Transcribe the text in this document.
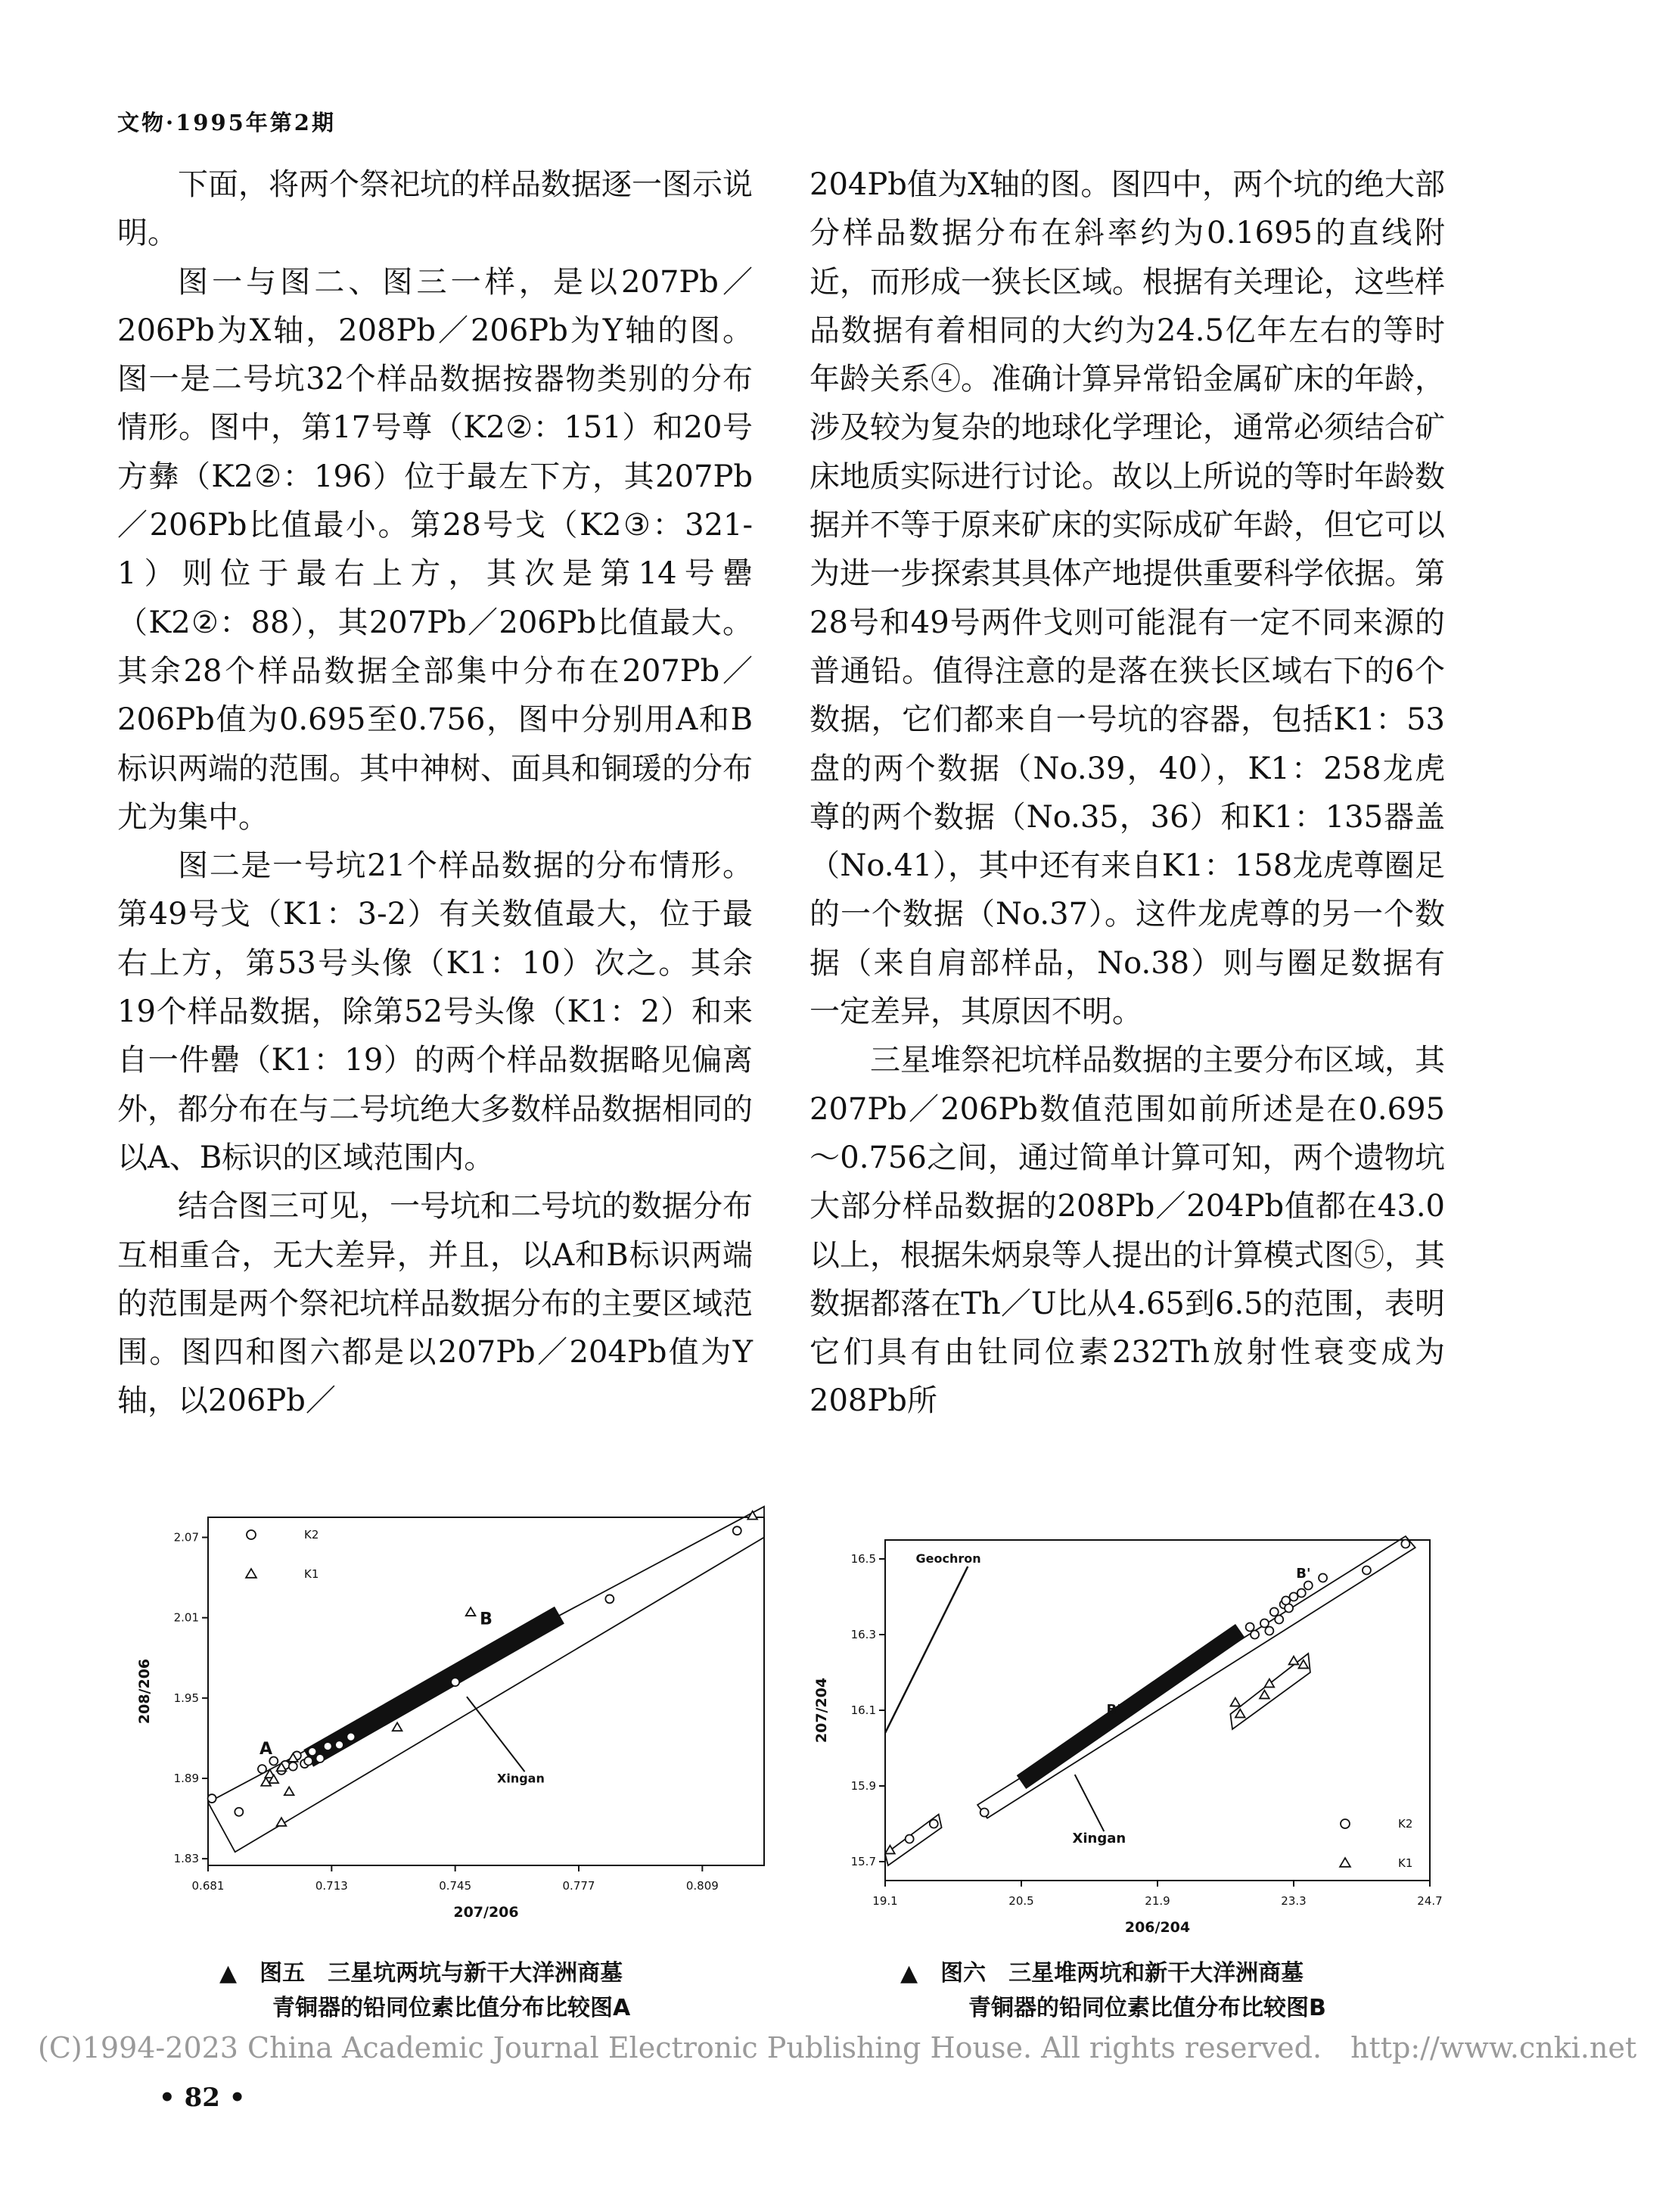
文物·1995年第2期

下面，将两个祭祀坑的样品数据逐一图示说明。

图一与图二、图三一样，是以207Pb／206Pb为X轴，208Pb／206Pb为Y轴的图。图一是二号坑32个样品数据按器物类别的分布情形。图中，第17号尊（K2②：151）和20号方彝（K2②：196）位于最左下方，其207Pb／206Pb比值最小。第28号戈（K2③：321-1）则位于最右上方，其次是第14号罍（K2②：88），其207Pb／206Pb比值最大。其余28个样品数据全部集中分布在207Pb／206Pb值为0.695至0.756，图中分别用A和B标识两端的范围。其中神树、面具和铜瑗的分布尤为集中。

图二是一号坑21个样品数据的分布情形。第49号戈（K1：3-2）有关数值最大，位于最右上方，第53号头像（K1：10）次之。其余19个样品数据，除第52号头像（K1：2）和来自一件罍（K1：19）的两个样品数据略见偏离外，都分布在与二号坑绝大多数样品数据相同的以A、B标识的区域范围内。

结合图三可见，一号坑和二号坑的数据分布互相重合，无大差异，并且，以A和B标识两端的范围是两个祭祀坑样品数据分布的主要区域范围。图四和图六都是以207Pb／204Pb值为Y轴，以206Pb／

204Pb值为X轴的图。图四中，两个坑的绝大部分样品数据分布在斜率约为0.1695的直线附近，而形成一狭长区域。根据有关理论，这些样品数据有着相同的大约为24.5亿年左右的等时年龄关系④。准确计算异常铅金属矿床的年龄，涉及较为复杂的地球化学理论，通常必须结合矿床地质实际进行讨论。故以上所说的等时年龄数据并不等于原来矿床的实际成矿年龄，但它可以为进一步探索其具体产地提供重要科学依据。第28号和49号两件戈则可能混有一定不同来源的普通铅。值得注意的是落在狭长区域右下的6个数据，它们都来自一号坑的容器，包括K1：53盘的两个数据（No.39，40），K1：258龙虎尊的两个数据（No.35，36）和K1：135器盖（No.41），其中还有来自K1：158龙虎尊圈足的一个数据（No.37）。这件龙虎尊的另一个数据（来自肩部样品，No.38）则与圈足数据有一定差异，其原因不明。

三星堆祭祀坑样品数据的主要分布区域，其207Pb／206Pb数值范围如前所述是在0.695～0.756之间，通过简单计算可知，两个遗物坑大部分样品数据的208Pb／204Pb值都在43.0以上，根据朱炳泉等人提出的计算模式图⑤，其数据都落在Th／U比从4.65到6.5的范围，表明它们具有由钍同位素232Th放射性衰变成为208Pb所

0.681	0.713	0.745	0.777	0.809
1.83
1.89
1.95
2.01
2.07
207/206
208/206
A
B
Xingan
K2
K1
▲　图五　三星坑两坑与新干大洋洲商墓
青铜器的铅同位素比值分布比较图A
19.1	20.5	21.9	23.3	24.7
15.7
15.9
16.1
16.3
16.5
206/204
207/204
Geochron
B'
B'
Xingan
K2
K1
▲　图六　三星堆两坑和新干大洋洲商墓
青铜器的铅同位素比值分布比较图B
(C)1994-2023 China Academic Journal Electronic Publishing House. All rights reserved.　http://www.cnki.net
• 82 •
